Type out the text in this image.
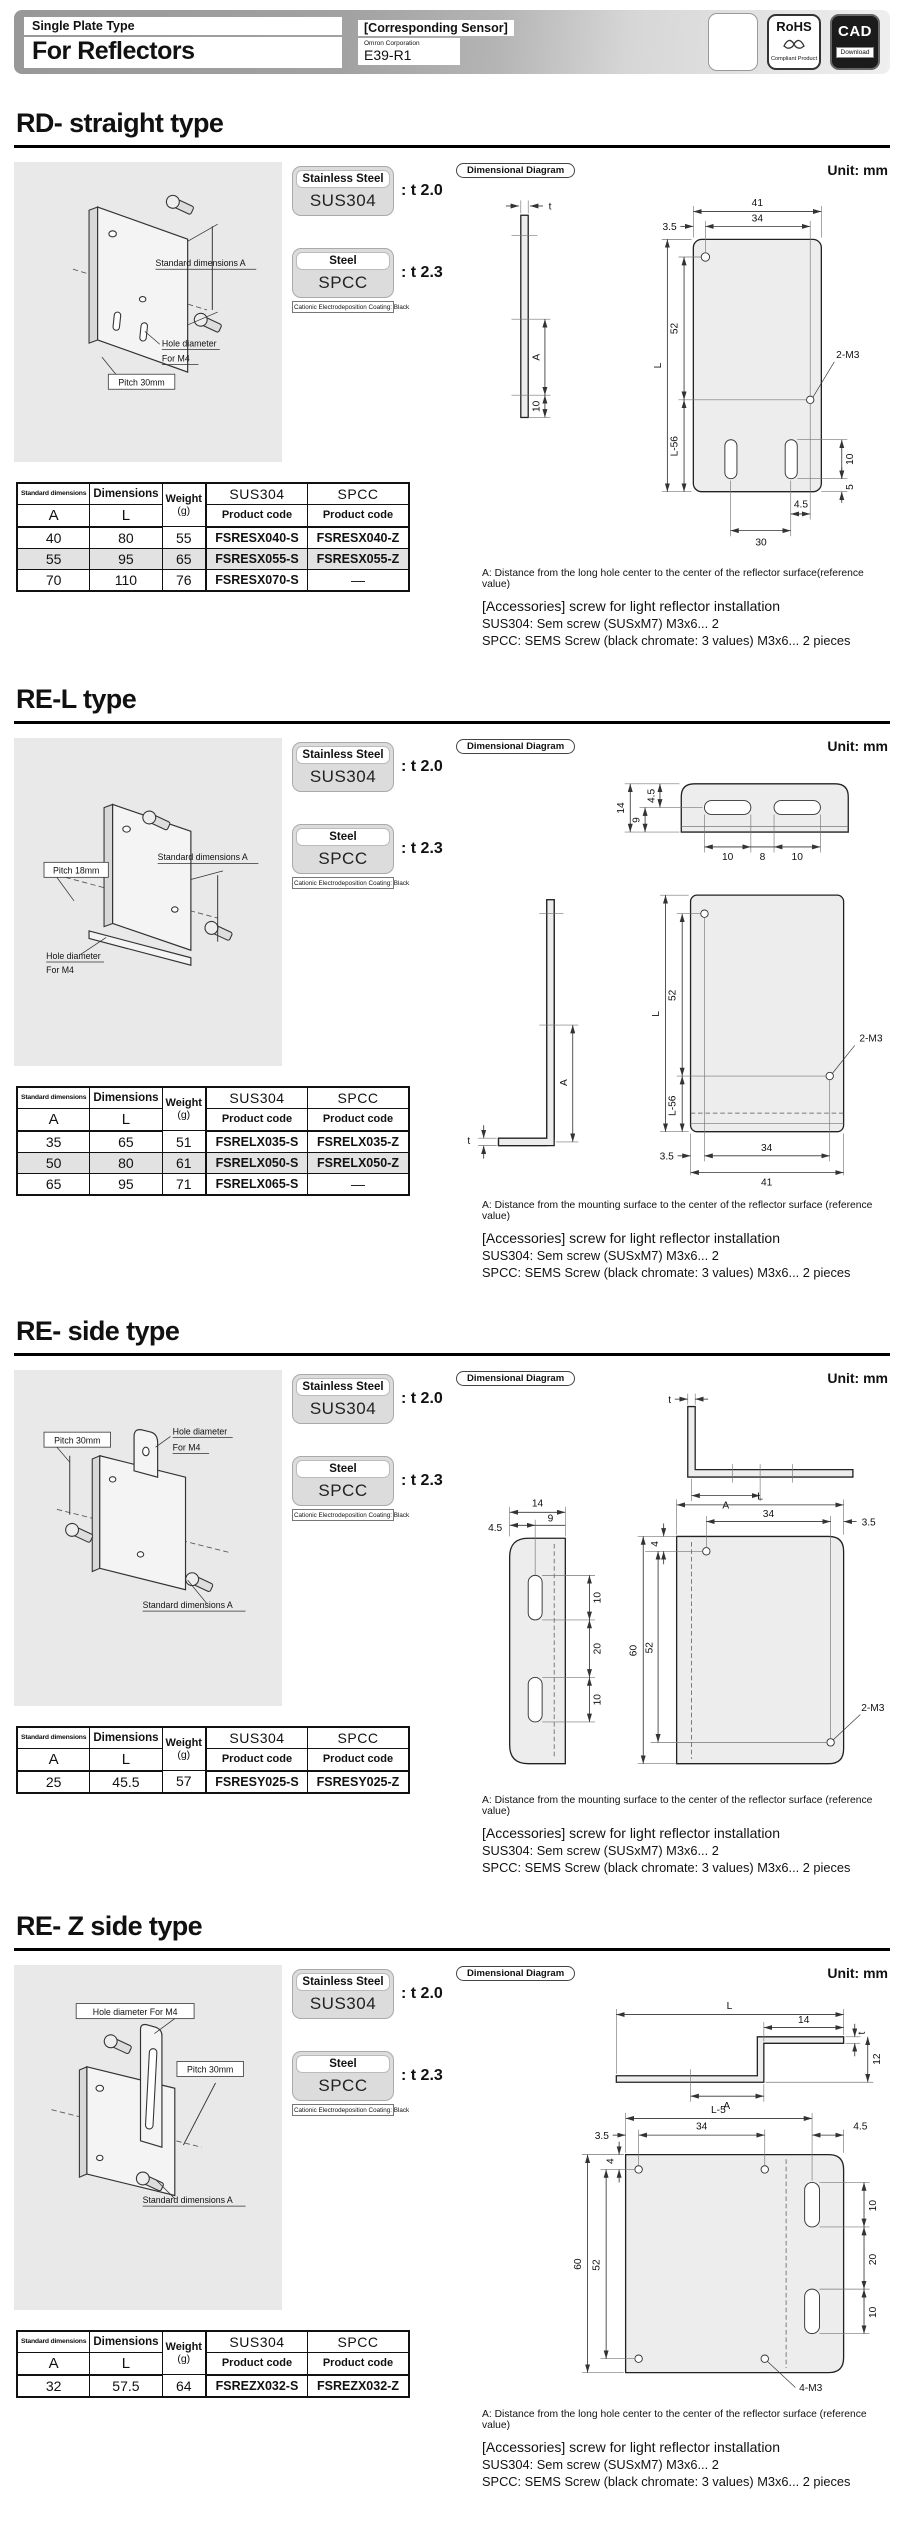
Single Plate Type
For Reflectors
[Corresponding Sensor]
Omron Corporation
E39-R1
RoHS
Compliant Product
CAD
Download
RD- straight type
Standard dimensions A
Hole diameter
For M4
Pitch 30mm
Stainless Steel
SUS304
: t 2.0
Steel
SPCC
: t 2.3
Cationic Electrodeposition Coating: Black
Dimensional Diagram	Unit: mm
t
A
10
2-M3
41
3.5
34
L
52
L-56
4.5
30
10
5

A: Distance from the long hole center to the center of the reflector surface(reference value)

[Accessories] screw for light reflector installation

SUS304: Sem screw (SUSxM7) M3x6... 2

SPCC: SEMS Screw (black chromate: 3 values) M3x6... 2 pieces

Standard dimensions	Dimensions	Weight
(g)	SUS304	SPCC
A	L		Product code	Product code
40	80	55	FSRESX040-S	FSRESX040-Z
55	95	65	FSRESX055-S	FSRESX055-Z
70	110	76	FSRESX070-S	—
RE-L type
Pitch 18mm
Standard dimensions A
Hole diameter
For M4
Stainless Steel
SUS304
: t 2.0
Steel
SPCC
: t 2.3
Cationic Electrodeposition Coating: Black
Dimensional Diagram	Unit: mm
14
9
4.5
10 8 10
A
t
2-M3
L
52
L-56
3.5
34
41

A: Distance from the mounting surface to the center of the reflector surface (reference value)

[Accessories] screw for light reflector installation

SUS304: Sem screw (SUSxM7) M3x6... 2

SPCC: SEMS Screw (black chromate: 3 values) M3x6... 2 pieces

Standard dimensions	Dimensions	Weight
(g)	SUS304	SPCC
A	L		Product code	Product code
35	65	51	FSRELX035-S	FSRELX035-Z
50	80	61	FSRELX050-S	FSRELX050-Z
65	95	71	FSRELX065-S	—
RE- side type
Pitch 30mm
Hole diameter
For M4
Standard dimensions A
Stainless Steel
SUS304
: t 2.0
Steel
SPCC
: t 2.3
Cationic Electrodeposition Coating: Black
Dimensional Diagram	Unit: mm
t
A
14
4.5
9
10
20
10
L
34
3.5
4
60 52
2-M3

A: Distance from the mounting surface to the center of the reflector surface (reference value)

[Accessories] screw for light reflector installation

SUS304: Sem screw (SUSxM7) M3x6... 2

SPCC: SEMS Screw (black chromate: 3 values) M3x6... 2 pieces

Standard dimensions	Dimensions	Weight
(g)	SUS304	SPCC
A	L		Product code	Product code
25	45.5	57	FSRESY025-S	FSRESY025-Z
RE- Z side type
Hole diameter For M4
Pitch 30mm
Standard dimensions A
Stainless Steel
SUS304
: t 2.0
Steel
SPCC
: t 2.3
Cationic Electrodeposition Coating: Black
Dimensional Diagram	Unit: mm
L
14
t
12
A
L-5
3.5
34	4.5
60 52
4
10
20
10
4-M3

A: Distance from the long hole center to the center of the reflector surface (reference value)

[Accessories] screw for light reflector installation

SUS304: Sem screw (SUSxM7) M3x6... 2

SPCC: SEMS Screw (black chromate: 3 values) M3x6... 2 pieces

Standard dimensions	Dimensions	Weight
(g)	SUS304	SPCC
A	L		Product code	Product code
32	57.5	64	FSREZX032-S	FSREZX032-Z
